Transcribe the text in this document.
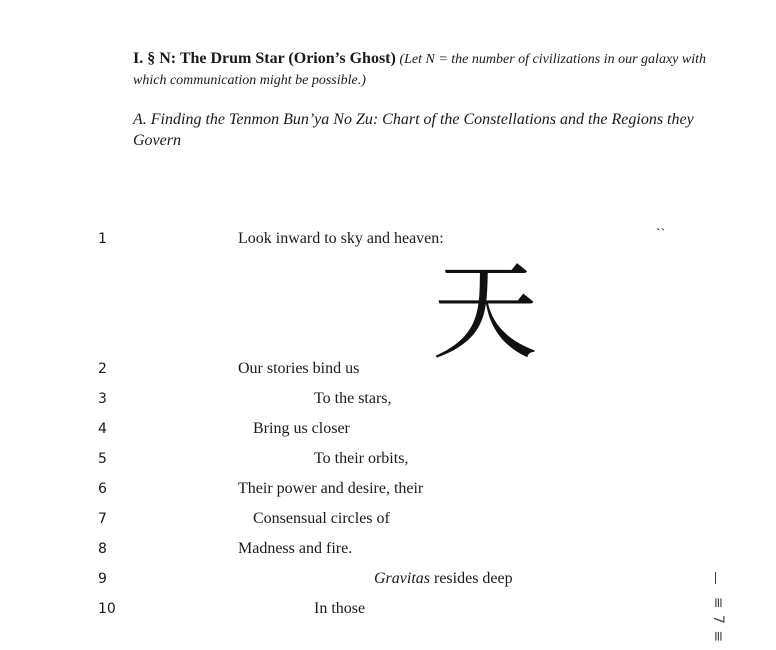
I. § N: The Drum Star (Orion’s Ghost) (Let N = the number of civilizations in our galaxy with which communication might be possible.)
A. Finding the Tenmon Bun’ya No Zu: Chart of the Constellations and the Regions they Govern
``
天
1
2
3
4
5
6
7
8
9
10
Look inward to sky and heaven:
Our stories bind us
To the stars,
Bring us closer
To their orbits,
Their power and desire, their
Consensual circles of
Madness and fire.
Gravitas resides deep
In those	≡ 7 ≡
